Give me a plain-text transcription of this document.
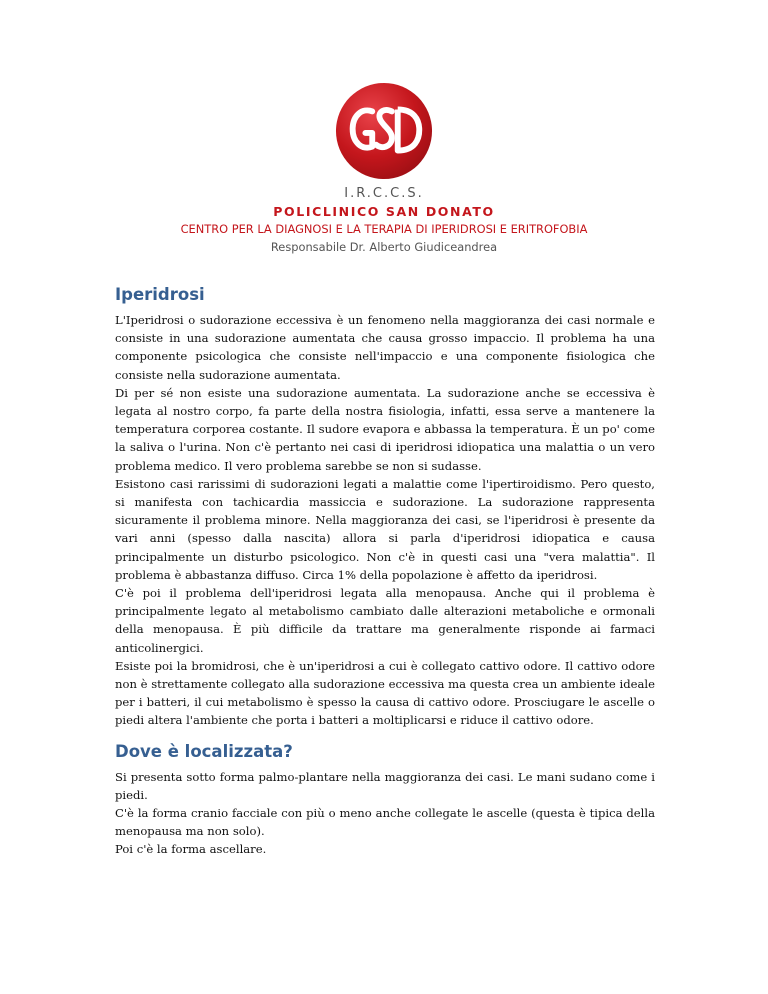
I.R.C.C.S.
POLICLINICO SAN DONATO
CENTRO PER LA DIAGNOSI E LA TERAPIA DI IPERIDROSI E ERITROFOBIA
Responsabile Dr. Alberto Giudiceandrea
Iperidrosi

L'Iperidrosi o sudorazione eccessiva è un fenomeno nella maggioranza dei casi normale e consiste in una sudorazione aumentata che causa grosso impaccio. Il problema ha una componente psicologica che consiste nell'impaccio e una componente fisiologica che consiste nella sudorazione aumentata.

Di per sé non esiste una sudorazione aumentata. La sudorazione anche se eccessiva è legata al nostro corpo, fa parte della nostra fisiologia, infatti, essa serve a mantenere la temperatura corporea costante. Il sudore evapora e abbassa la temperatura. È un po' come la saliva o l'urina. Non c'è pertanto nei casi di iperidrosi idiopatica una malattia o un vero problema medico. Il vero problema sarebbe se non si sudasse.

Esistono casi rarissimi di sudorazioni legati a malattie come l'ipertiroidismo. Pero questo, si manifesta con tachicardia massiccia e sudorazione. La sudorazione rappresenta sicuramente il problema minore. Nella maggioranza dei casi, se l'iperidrosi è presente da vari anni (spesso dalla nascita) allora si parla d'iperidrosi idiopatica e causa principalmente un disturbo psicologico. Non c'è in questi casi una "vera malattia". Il problema è abbastanza diffuso. Circa 1% della popolazione è affetto da iperidrosi.

C'è poi il problema dell'iperidrosi legata alla menopausa. Anche qui il problema è principalmente legato al metabolismo cambiato dalle alterazioni metaboliche e ormonali della menopausa. È più difficile da trattare ma generalmente risponde ai farmaci anticolinergici.

Esiste poi la bromidrosi, che è un'iperidrosi a cui è collegato cattivo odore. Il cattivo odore non è strettamente collegato alla sudorazione eccessiva ma questa crea un ambiente ideale per i batteri, il cui metabolismo è spesso la causa di cattivo odore. Prosciugare le ascelle o piedi altera l'ambiente che porta i batteri a moltiplicarsi e riduce il cattivo odore.

Dove è localizzata?

Si presenta sotto forma palmo-plantare nella maggioranza dei casi. Le mani sudano come i piedi.

C'è la forma cranio facciale con più o meno anche collegate le ascelle (questa è tipica della menopausa ma non solo).

Poi c'è la forma ascellare.
